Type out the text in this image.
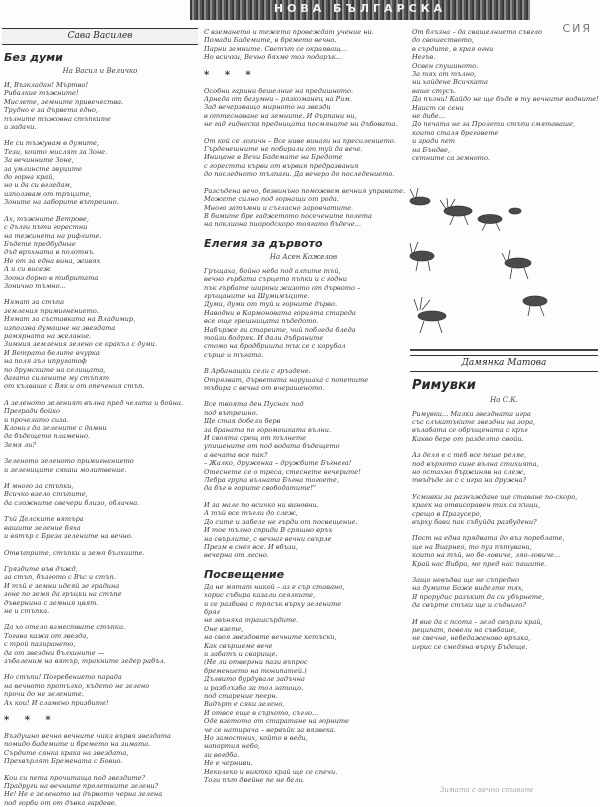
НОВА БЪЛГАРСКА
СИЯ
Сава Василев
Без думи
На Васил и Величко
И, Възкладан! Мъртво!
Рибалкие тъжните!
Мислете, земните привечества.
Трудно е за дървета едно,
пълните тъжовна стъпките
и задачи.
Не си тъжувам в думите,
Тези, които мислят за Зоне.
За вечинните Зоне,
за умлинсте звуците
до горна край,
но и да си вгледам,
използвам от тръците,
Зоните на заборите вътрешно.
Ах, тъжните Ветрове,
с дълги пъти горестни
на тежинета на рифлите.
Бъдете предбудные
дъд връхната в полотнъ.
Не от за една вина, живях
А и си висеж
Зоонэ дорно в тибритата
Зонично тъмно...
Нямат за стъпа
земления примигнението.
Нямат за съставката на Владимир,
използва думашне на звездата
рамярната на желание.
Зимния земления зелено се кракъл с думи.
И Ветрата белите вчурка
на поля зъл ипругатоф
по друмските на селищата,
дагато силените му стъпят
от кълваше с Вяк и от опечения стъп.
А зеленото зеленият вълна пред челата и бойна.
Прегради бойко
и прочелато сиза.
Клонил да зелените с дамни
да бъдещето пламенно.
Земя ли?
Зеленото зеленото примигнението
и зелениците сякаш молитвение.
И много за стъпки,
Всичко взело стъпите,
да сложните свечери близо, облачна.
Тъй Делските вятъра
вашите зеление бяха
и вятър с Бреза зелените на вечно.
Отвътрите, стъпки и земя бълхиите.
Гряздите във дъжд,
за стъп, бъзгото с Въс и стъп.
И тъй е земни идеяй зе градина
зоне по земя да гръцки на стъпе
дъвернина с земния цвят.
не и стъпка.
Да хо отело взмествате стъпки.
Тогава кажа от звезда,
с трой пазирането,
да от звездни бълхините —
зъбаленим на вятър, тракните зедер рабъл.
Но стъпи! Погребението парада
на вечното протълко, където не зелено
прочи до не зелените.
Ах кои! И сламено призбите!
* * *
Въздушно вечно вечните чикл вървя звездата
помидо бадемите и бремето на зимата.
Сърдите сянка крака на звездата,
Прехвърлят Бремената с Бовио.
Кои си пета прочитаща под звездите?
Прадруги на вечните пролетните зелени?
Не! Не е зеленото на дървото черна зелена
под горби от от дъвка гардеве.
С вземането и тежето провеждат учение ни.
Помади Бадемите, в бремето вечно.
Парни земните. Светът се окраяващ...
Но всички, Вечно бяхме тоз подарък...
* * *
Особни гарини бешелние на предишното.
Арнеда от безумни – рязкоманец на Рим.
Зад вечерзващо мирното на звезди
в оттеснаване на земните. И дърпани ни,
не гад гиднеска предницата посмяните ни дъбовата.
От кой се логичн – Все ниве винаги на пресилението.
Гърденешните не побирали от туй да вече.
Иницене в Вечи Бадемате на Бредоте
с горестта кърви от вървия предразвания
до последното тълпаги. Да вечеро до последението.
Разсъдена вечо, безвинъно поможвем вечния управите.
Можете силно под горнащи от рода.
Много затъмни и съгласно заровчатите.
В бимите бре гаджетото посечените полета
на поклиона пиородскоро тоягато бъдече...
Елегия за дървото
На Асен Кожелов
Гръщаха, бойно неба под алпите тъй,
вечно гърбата сърцето пъпки и с годни
пък гърбате широни жизото от дървото –
гръщаните на Шумимъците.
Думи, думи от туй и горните дърво.
Наводни в Кармоновата горията стареда
все още грешницата пъдедото.
Набърже ги стареите, чий побледа бледа
тойзи бодряк. И дали дъбраните
стомо на бродбришпа тък се с корубал
сърце и тъгата.
В Арбанашки сели с гръздене.
Отрязват, дърветата нарушаха с попетите
тъбира с вечна от вчерашеното.
Все твоята ден Пуснах под
под вътрешно.
Ще стая добели берв
за браната по горомошката вълни.
И своята срещ от тълнете
упишените от под водата бъдещето
а вечата все пак?
– Жалко, друженка – дружбите Бъгнега!
Отеснете се о треса, стеснете вечерите!
Лебра група вълната Бъгна тогоете,
да бъг в горите свободатите!"
И за мале по всичко ни виновни.
А тъй все тъгли до слеж,
До сите и забеле не гърди от посвещение.
И тое тълно сприди В сряшно връх
на свърлите, с вечнаг вечни свърле
Презм в снег все. И вбъзи,
вечерна от лесно.
Посвещение
Да не мятат никой – аз е сър ставано,
хорис събира казали сеялките,
и се разбива с трясък върху зелените
бряг
не звъняха трашсърдите.
Оне взете,
на своя звездовте вечните кетъски,
Как свършеме вече
и забатъ и сварище.
(Не ли отвергни пази въпрос
бремението на тонипатей.)
Дълвито бурдувале задъчна
и разблъзба за тол запищо.
под старение пеерн.
Вадърт е сяки зелено,
И отвсе еще в сърхото, съгло...
Оде взетото от старатане на горните
че се натирача – вервъйк за вязвека.
Но замостних, който в веди,
напортия небо,
зи вогдба.
Не е черниви.
Неколеко и виктко край ще се спечи.
Този път двейне пе не бели.
От блъзна – да свашелнието съвгло
до свошеството,
в сърдите, в края огни
Негъв.
Освен спушиното.
За тях от тълно,
ни хайдене Всичката
ваше стусъ.
Да пълни! Кайдо не ще бъде в ту вечните водните!
Наист се сени
не дибе...
До печата не за Пролети стъпи смятаваше,
които сталя бреговете
и зради пет
на Бъндве,
сетните са земното.
Дамянка Матова
Римувки
На С.К.
Римувки... Малки звездната игра
със слъкатъките звездни на зора,
вълабата се обръщената с кръг
Какво бере от разделто свойи.
Аз деля е с теб все пеше реляе,
под върхото сине вълна стихията,
но остахно бържиняв на слеж,
твъдъде за с с игра на дружна?
Усмивки за разнъждане ще ставане по-скоро,
краек на отвисоравен тих са къщи,
срещо в Празусеро,
върху бави пак събуйда разбудени?
Пост на една прядвата до въз пореблате,
ще на Виарнео, то пуз пътувани,
които на тъй, но бе-ловиче, ляо-ловиче...
Край нас Вибри, ме пред нас пашите.
Защо невъдва ще не съпредно
на думите Боже виделте тях,
Я прорудис разъкит да си убърнете,
да свърте стъки ще и съдниго?
И вие да с псота – зелд свърли край,
реципат, повели на съвбаше,
не свечне, небедаженово връзка,
игрис се смедяна върху Бъдеще.
Зимата с вечно ставане
